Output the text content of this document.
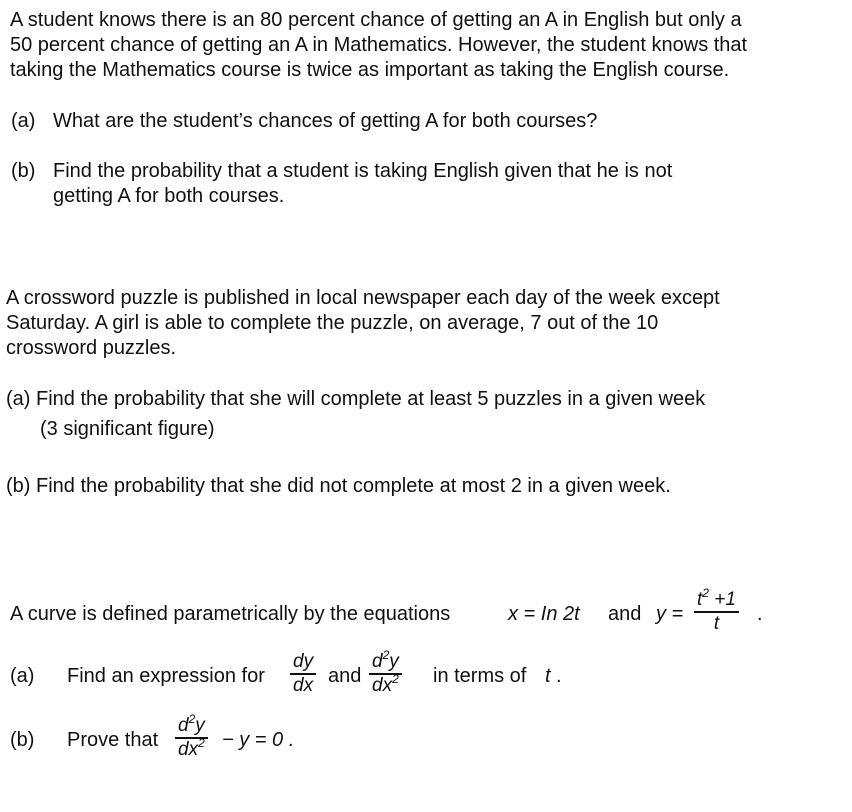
A student knows there is an 80 percent chance of getting an A in English but only a
50 percent chance of getting an A in Mathematics. However, the student knows that
taking the Mathematics course is twice as important as taking the English course.
(a) What are the student’s chances of getting A for both courses?
(b) Find the probability that a student is taking English given that he is not
getting A for both courses.
A crossword puzzle is published in local newspaper each day of the week except
Saturday. A girl is able to complete the puzzle, on average, 7 out of the 10
crossword puzzles.
(a) Find the probability that she will complete at least 5 puzzles in a given week
(3 significant figure)
(b) Find the probability that she did not complete at most 2 in a given week.
A curve is defined parametrically by the equations	x = In 2t and y =
$t^2 +1$
t .
(a) Find an expression for
dy
dx and
$d^2y$
$dx^2$ in terms of t .
(b) Prove that
$d^2y$
$dx^2 - y = 0$ .
